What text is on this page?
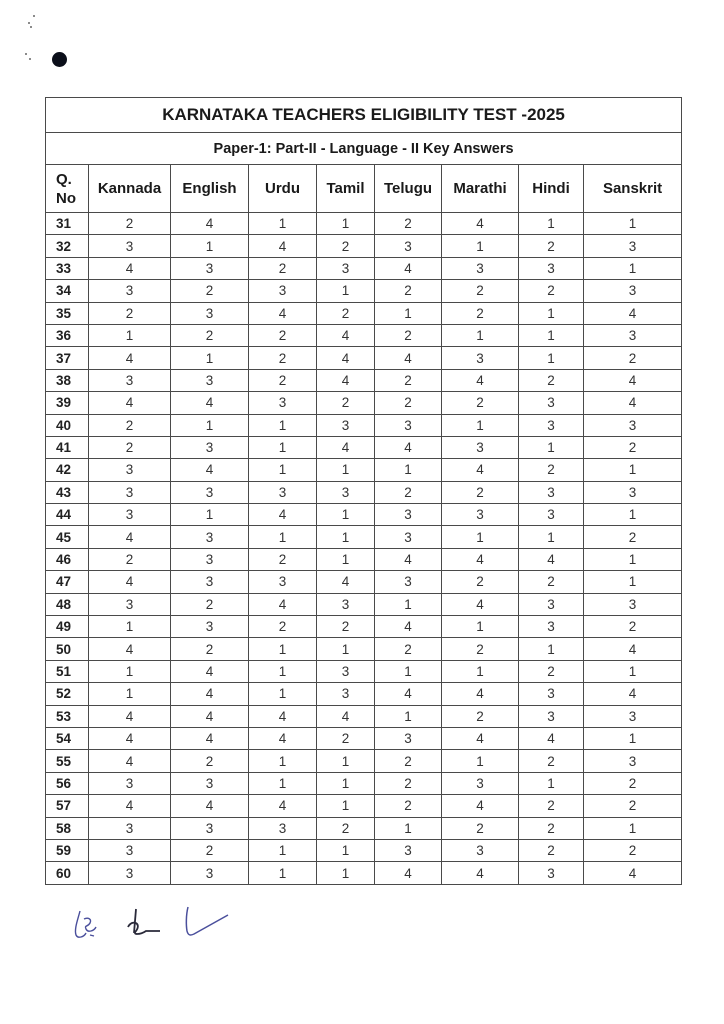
KARNATAKA TEACHERS ELIGIBILITY TEST -2025								
Paper-1: Part-II - Language - II Key Answers								
Q.
No	Kannada	English	Urdu	Tamil	Telugu	Marathi	Hindi	Sanskrit
31	2	4	1	1	2	4	1	1
32	3	1	4	2	3	1	2	3
33	4	3	2	3	4	3	3	1
34	3	2	3	1	2	2	2	3
35	2	3	4	2	1	2	1	4
36	1	2	2	4	2	1	1	3
37	4	1	2	4	4	3	1	2
38	3	3	2	4	2	4	2	4
39	4	4	3	2	2	2	3	4
40	2	1	1	3	3	1	3	3
41	2	3	1	4	4	3	1	2
42	3	4	1	1	1	4	2	1
43	3	3	3	3	2	2	3	3
44	3	1	4	1	3	3	3	1
45	4	3	1	1	3	1	1	2
46	2	3	2	1	4	4	4	1
47	4	3	3	4	3	2	2	1
48	3	2	4	3	1	4	3	3
49	1	3	2	2	4	1	3	2
50	4	2	1	1	2	2	1	4
51	1	4	1	3	1	1	2	1
52	1	4	1	3	4	4	3	4
53	4	4	4	4	1	2	3	3
54	4	4	4	2	3	4	4	1
55	4	2	1	1	2	1	2	3
56	3	3	1	1	2	3	1	2
57	4	4	4	1	2	4	2	2
58	3	3	3	2	1	2	2	1
59	3	2	1	1	3	3	2	2
60	3	3	1	1	4	4	3	4
